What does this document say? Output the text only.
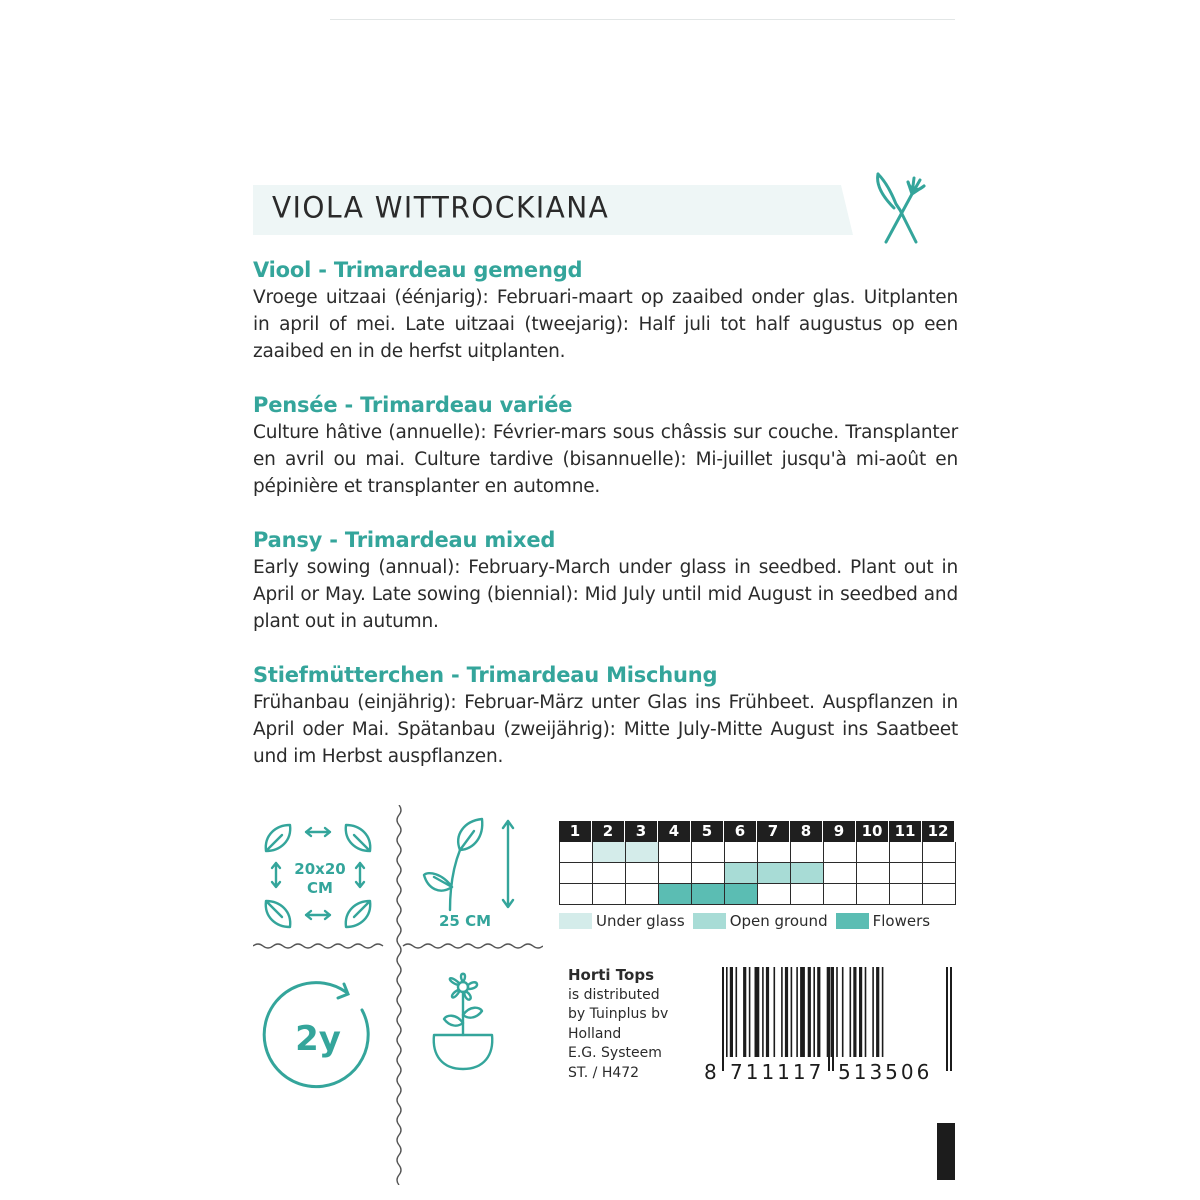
VIOLA WITTROCKIANA
Viool - Trimardeau gemengd

Vroege uitzaai (éénjarig): Februari-maart op zaaibed onder glas. Uitplanten in april of mei. Late uitzaai (tweejarig): Half juli tot half augustus op een zaaibed en in de herfst uitplanten.

Pensée - Trimardeau variée

Culture hâtive (annuelle): Février-mars sous châssis sur couche. Transplanter en avril ou mai. Culture tardive (bisannuelle): Mi-juillet jusqu'à mi-août en pépinière et transplanter en automne.

Pansy - Trimardeau mixed

Early sowing (annual): February-March under glass in seedbed. Plant out in April or May. Late sowing (biennial): Mid July until mid August in seedbed and plant out in autumn.

Stiefmütterchen - Trimardeau Mischung

Frühanbau (einjährig): Februar-März unter Glas ins Frühbeet. Auspflanzen in April oder Mai. Spätanbau (zweijährig): Mitte July-Mitte August ins Saatbeet und im Herbst auspflanzen.

20x20
CM
25 CM
1	2	3	4	5	6	7	8	9	10 11 12
Under glass	Open ground	Flowers
2y
Horti Tops
is distributed
by Tuinplus bv
Holland
E.G. Systeem
ST. / H472	8 711117 513506
